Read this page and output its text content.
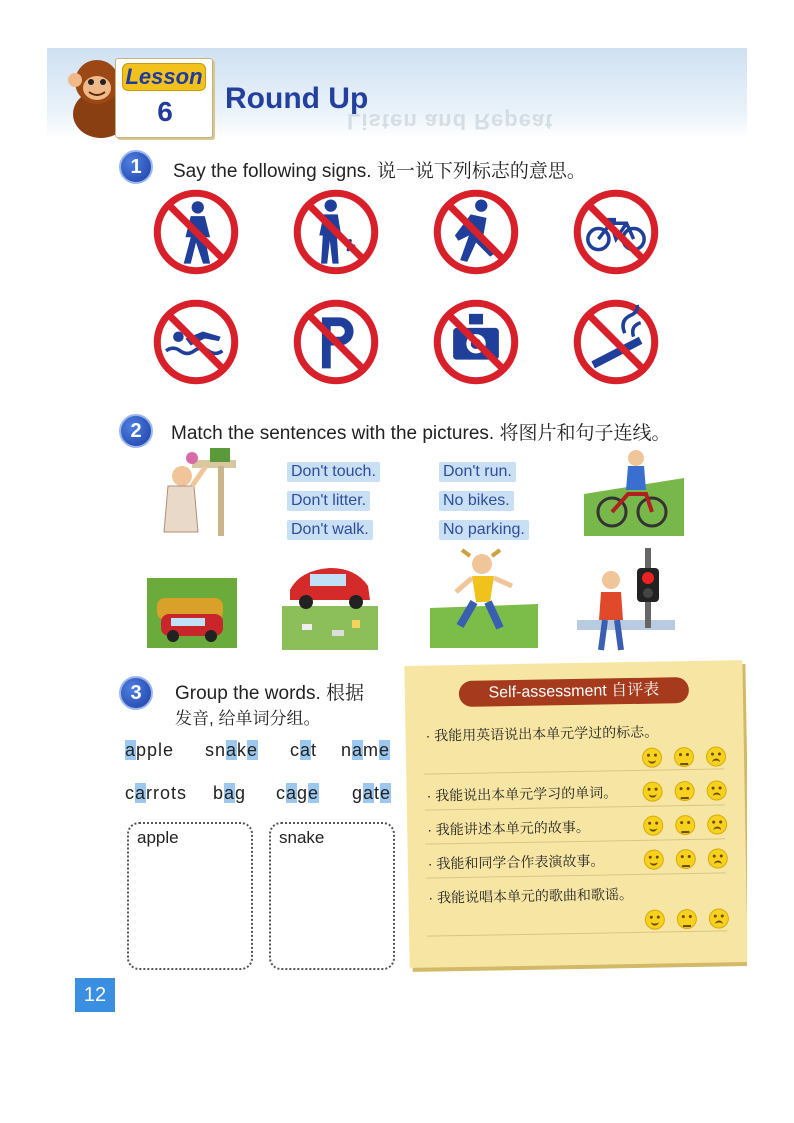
Listen and Repeat
Lesson
6 Round Up
1	Say the following signs. 说一说下列标志的意思。
2	Match the sentences with the pictures. 将图片和句子连线。
Don't touch.
Don't litter.
Don't walk.
Don't run.
No bikes.
No parking.
3	Group the words. 根据
发音, 给单词分组。
apple snake cat name
carrots bag cage gate
apple	snake
Self-assessment 自评表
· 我能用英语说出本单元学过的标志。
· 我能说出本单元学习的单词。
· 我能讲述本单元的故事。
· 我能和同学合作表演故事。
· 我能说唱本单元的歌曲和歌谣。
12
